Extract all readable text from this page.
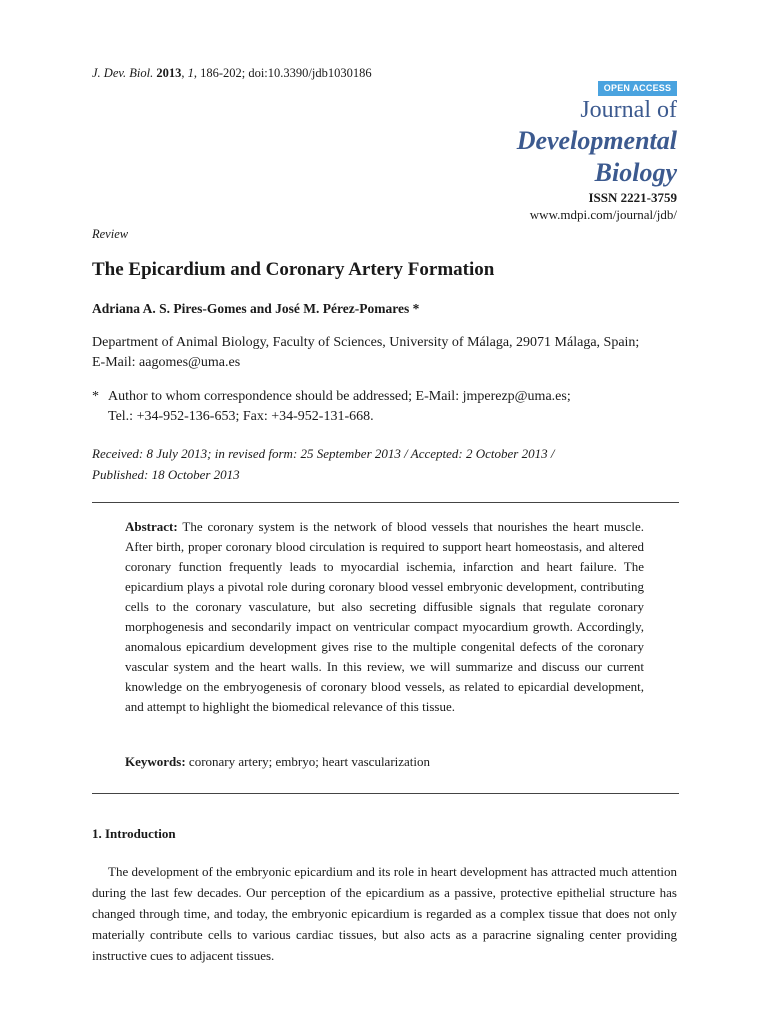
J. Dev. Biol. 2013, 1, 186-202; doi:10.3390/jdb1030186
OPEN ACCESS
Journal of
Developmental
Biology
ISSN 2221-3759
www.mdpi.com/journal/jdb/
Review
The Epicardium and Coronary Artery Formation
Adriana A. S. Pires-Gomes and José M. Pérez-Pomares *
Department of Animal Biology, Faculty of Sciences, University of Málaga, 29071 Málaga, Spain;
E-Mail: aagomes@uma.es
* Author to whom correspondence should be addressed; E-Mail: jmperezp@uma.es;
Tel.: +34-952-136-653; Fax: +34-952-131-668.
Received: 8 July 2013; in revised form: 25 September 2013 / Accepted: 2 October 2013 /
Published: 18 October 2013
Abstract: The coronary system is the network of blood vessels that nourishes the heart muscle. After birth, proper coronary blood circulation is required to support heart homeostasis, and altered coronary function frequently leads to myocardial ischemia, infarction and heart failure. The epicardium plays a pivotal role during coronary blood vessel embryonic development, contributing cells to the coronary vasculature, but also secreting diffusible signals that regulate coronary morphogenesis and secondarily impact on ventricular compact myocardium growth. Accordingly, anomalous epicardium development gives rise to the multiple congenital defects of the coronary vascular system and the heart walls. In this review, we will summarize and discuss our current knowledge on the embryogenesis of coronary blood vessels, as related to epicardial development, and attempt to highlight the biomedical relevance of this tissue.
Keywords: coronary artery; embryo; heart vascularization
1. Introduction
The development of the embryonic epicardium and its role in heart development has attracted much attention during the last few decades. Our perception of the epicardium as a passive, protective epithelial structure has changed through time, and today, the embryonic epicardium is regarded as a complex tissue that does not only materially contribute cells to various cardiac tissues, but also acts as a paracrine signaling center providing instructive cues to adjacent tissues.
